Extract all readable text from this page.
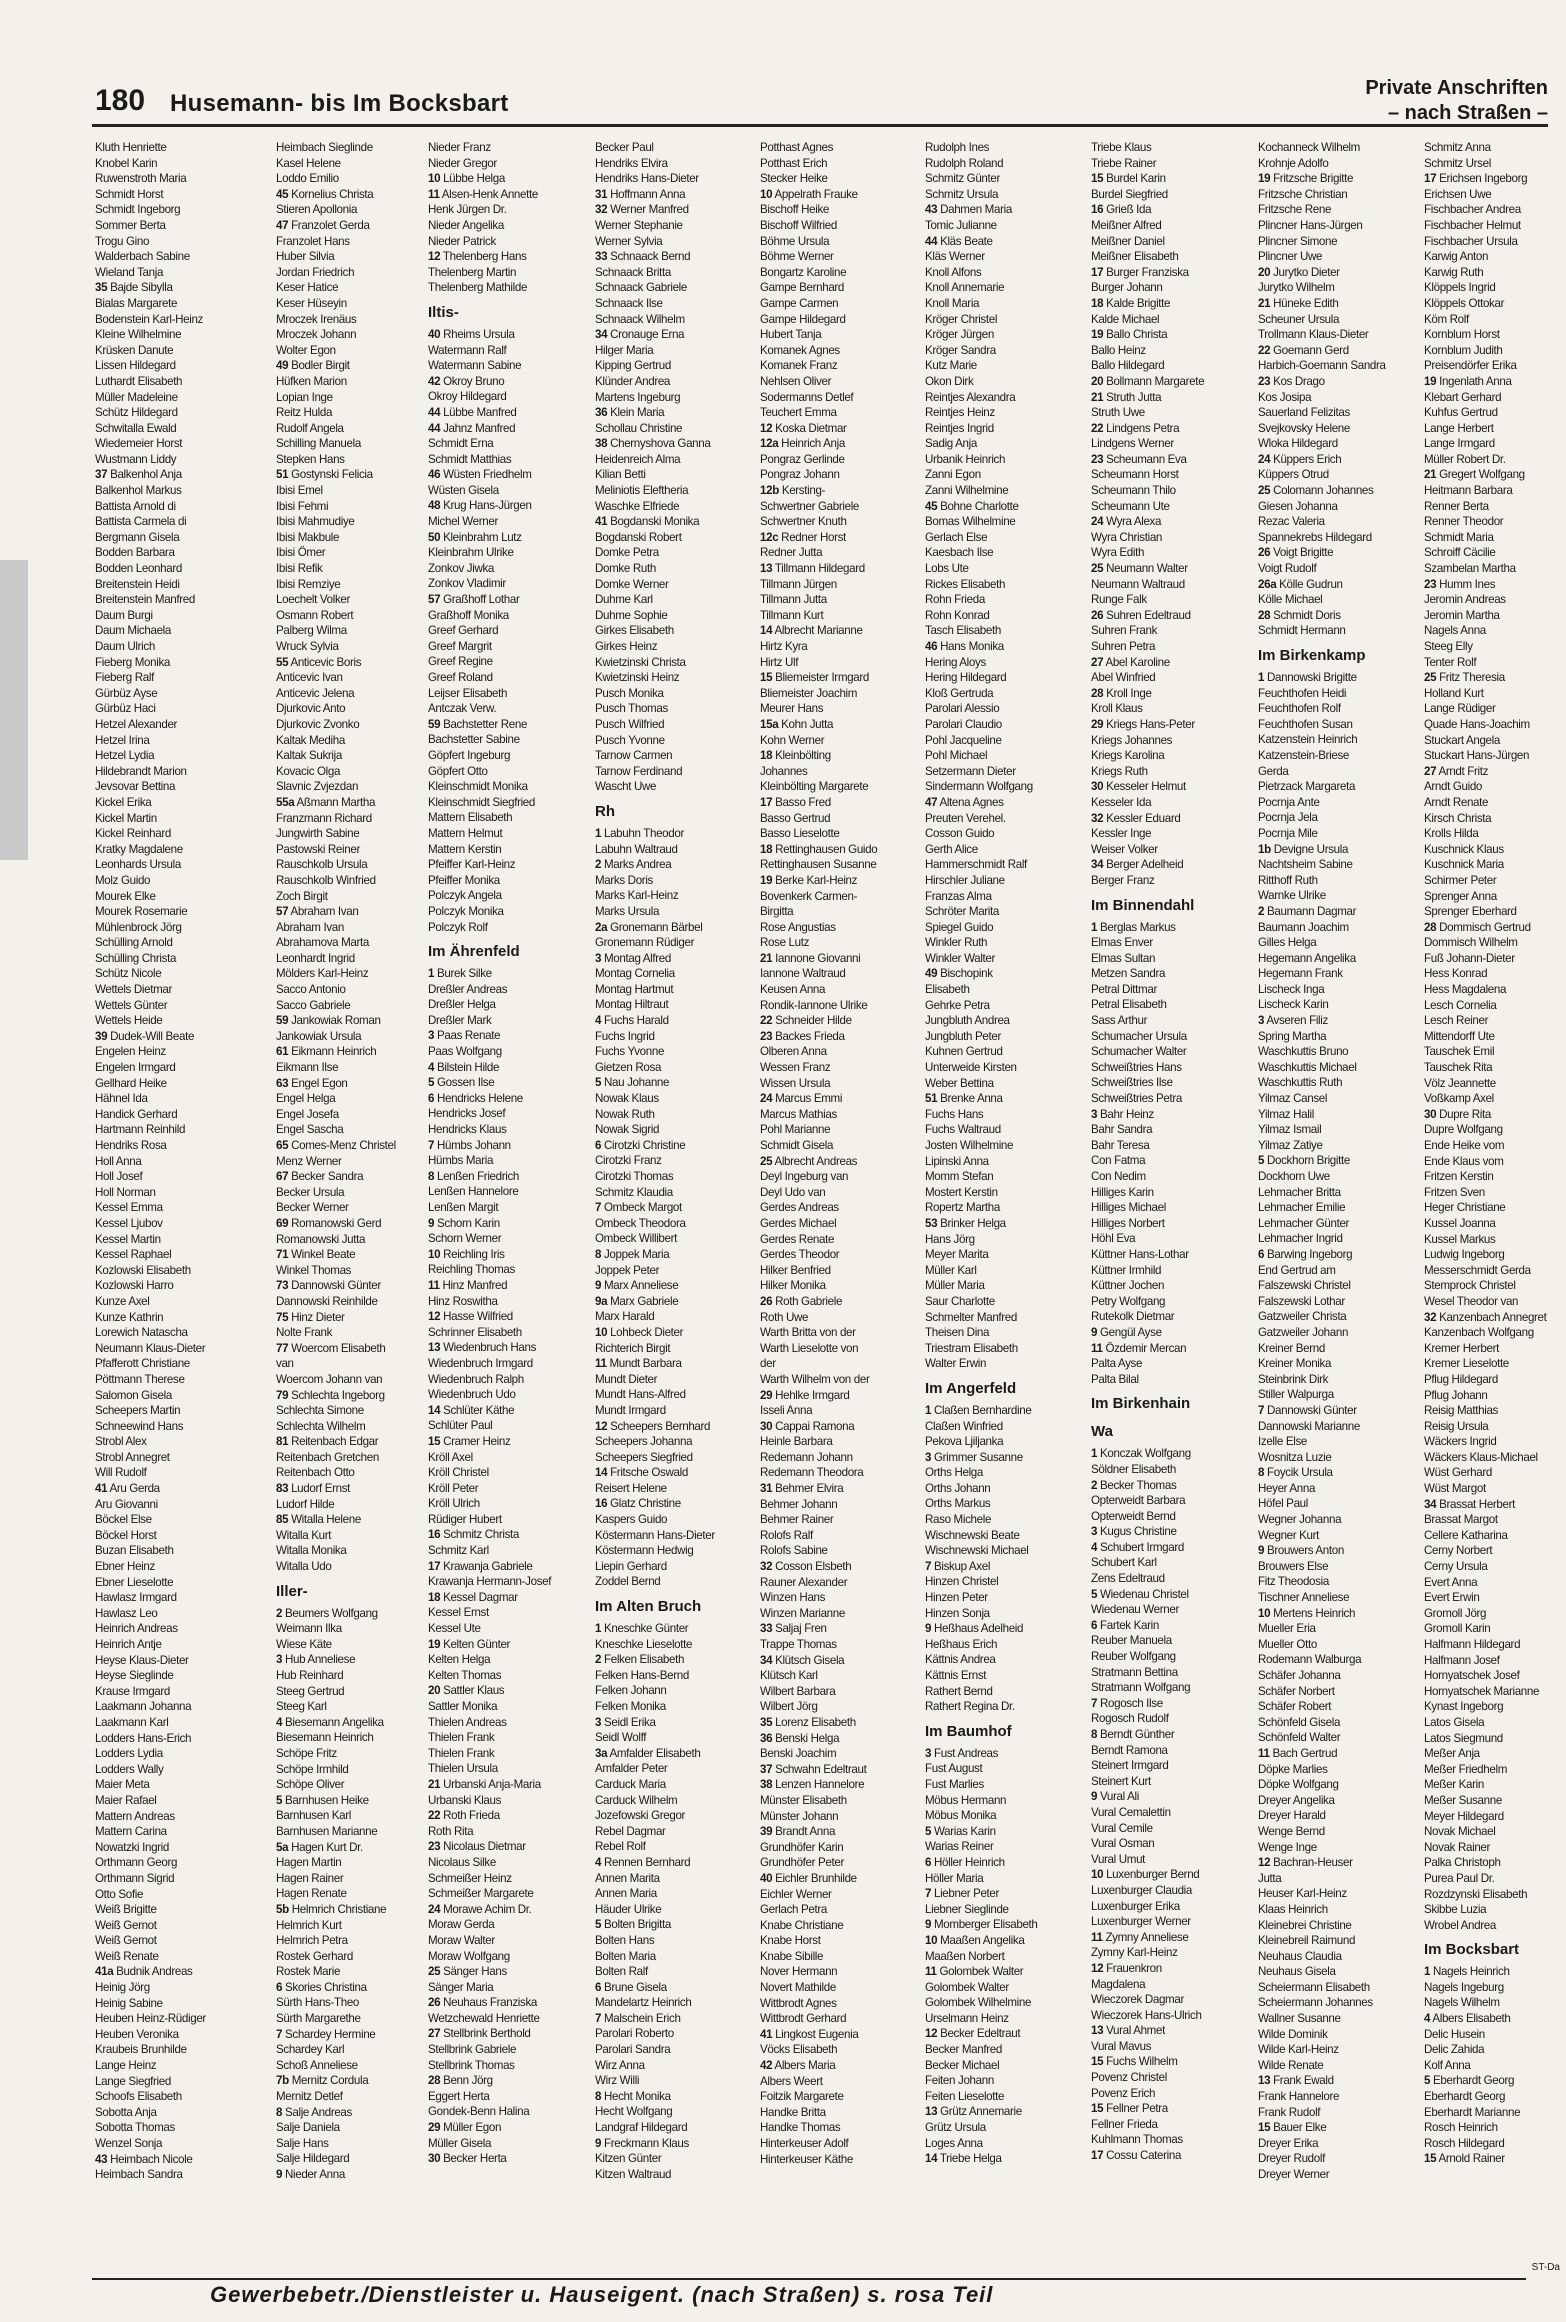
180 Husemann- bis Im Bocksbart
Private Anschriften
– nach Straßen –
Kluth Henriette
Knobel Karin
Ruwenstroth Maria
Schmidt Horst
Schmidt Ingeborg
Sommer Berta
Trogu Gino
Walderbach Sabine
Wieland Tanja
35 Bajde Sibylla
Bialas Margarete
Bodenstein Karl-Heinz
Kleine Wilhelmine
Krüsken Danute
Lissen Hildegard
Luthardt Elisabeth
Müller Madeleine
Schütz Hildegard
Schwitalla Ewald
Wiedemeier Horst
Wustmann Liddy
37 Balkenhol Anja
Balkenhol Markus
Battista Arnold di
Battista Carmela di
Bergmann Gisela
Bodden Barbara
Bodden Leonhard
Breitenstein Heidi
Breitenstein Manfred
Daum Burgi
Daum Michaela
Daum Ulrich
Fieberg Monika
Fieberg Ralf
Gürbüz Ayse
Gürbüz Haci
Hetzel Alexander
Hetzel Irina
Hetzel Lydia
Hildebrandt Marion
Jevsovar Bettina
Kickel Erika
Kickel Martin
Kickel Reinhard
Kratky Magdalene
Leonhards Ursula
Molz Guido
Mourek Elke
Mourek Rosemarie
Mühlenbrock Jörg
Schülling Arnold
Schülling Christa
Schütz Nicole
Wettels Dietmar
Wettels Günter
Wettels Heide
39 Dudek-Will Beate
Engelen Heinz
Engelen Irmgard
Gellhard Heike
Hähnel Ida
Handick Gerhard
Hartmann Reinhild
Hendriks Rosa
Holl Anna
Holl Josef
Holl Norman
Kessel Emma
Kessel Ljubov
Kessel Martin
Kessel Raphael
Kozlowski Elisabeth
Kozlowski Harro
Kunze Axel
Kunze Kathrin
Lorewich Natascha
Neumann Klaus-Dieter
Pfafferott Christiane
Pöttmann Therese
Salomon Gisela
Scheepers Martin
Schneewind Hans
Strobl Alex
Strobl Annegret
Will Rudolf
41 Aru Gerda
Aru Giovanni
Böckel Else
Böckel Horst
Buzan Elisabeth
Ebner Heinz
Ebner Lieselotte
Hawlasz Irmgard
Hawlasz Leo
Heinrich Andreas
Heinrich Antje
Heyse Klaus-Dieter
Heyse Sieglinde
Krause Irmgard
Laakmann Johanna
Laakmann Karl
Lodders Hans-Erich
Lodders Lydia
Lodders Wally
Maier Meta
Maier Rafael
Mattern Andreas
Mattern Carina
Nowatzki Ingrid
Orthmann Georg
Orthmann Sigrid
Otto Sofie
Weiß Brigitte
Weiß Gernot
Weiß Gernot
Weiß Renate
41a Budnik Andreas
Heinig Jörg
Heinig Sabine
Heuben Heinz-Rüdiger
Heuben Veronika
Kraubeis Brunhilde
Lange Heinz
Lange Siegfried
Schoofs Elisabeth
Sobotta Anja
Sobotta Thomas
Wenzel Sonja
43 Heimbach Nicole
Heimbach Sandra
Heimbach Sieglinde
Kasel Helene
Loddo Emilio
45 Kornelius Christa
Stieren Apollonia
47 Franzolet Gerda
Franzolet Hans
Huber Silvia
Jordan Friedrich
Keser Hatice
Keser Hüseyin
Mroczek Irenäus
Mroczek Johann
Wolter Egon
49 Bodler Birgit
Hüfken Marion
Lopian Inge
Reitz Hulda
Rudolf Angela
Schilling Manuela
Stepken Hans
51 Gostynski Felicia
Ibisi Emel
Ibisi Fehmi
Ibisi Mahmudiye
Ibisi Makbule
Ibisi Ömer
Ibisi Refik
Ibisi Remziye
Loechelt Volker
Osmann Robert
Palberg Wilma
Wruck Sylvia
55 Anticevic Boris
Anticevic Ivan
Anticevic Jelena
Djurkovic Anto
Djurkovic Zvonko
Kaltak Mediha
Kaltak Sukrija
Kovacic Olga
Slavnic Zvjezdan
55a Aßmann Martha
Franzmann Richard
Jungwirth Sabine
Pastowski Reiner
Rauschkolb Ursula
Rauschkolb Winfried
Zoch Birgit
57 Abraham Ivan
Abraham Ivan
Abrahamova Marta
Leonhardt Ingrid
Mölders Karl-Heinz
Sacco Antonio
Sacco Gabriele
59 Jankowiak Roman
Jankowiak Ursula
61 Eikmann Heinrich
Eikmann Ilse
63 Engel Egon
Engel Helga
Engel Josefa
Engel Sascha
65 Comes-Menz Christel
Menz Werner
67 Becker Sandra
Becker Ursula
Becker Werner
69 Romanowski Gerd
Romanowski Jutta
71 Winkel Beate
Winkel Thomas
73 Dannowski Günter
Dannowski Reinhilde
75 Hinz Dieter
Nolte Frank
77 Woercom Elisabeth
van
Woercom Johann van
79 Schlechta Ingeborg
Schlechta Simone
Schlechta Wilhelm
81 Reitenbach Edgar
Reitenbach Gretchen
Reitenbach Otto
83 Ludorf Ernst
Ludorf Hilde
85 Witalla Helene
Witalla Kurt
Witalla Monika
Witalla Udo
Iller-
2 Beumers Wolfgang
Weimann Ilka
Wiese Käte
3 Hub Anneliese
Hub Reinhard
Steeg Gertrud
Steeg Karl
4 Biesemann Angelika
Biesemann Heinrich
Schöpe Fritz
Schöpe Irmhild
Schöpe Oliver
5 Barnhusen Heike
Barnhusen Karl
Barnhusen Marianne
5a Hagen Kurt Dr.
Hagen Martin
Hagen Rainer
Hagen Renate
5b Helmrich Christiane
Helmrich Kurt
Helmrich Petra
Rostek Gerhard
Rostek Marie
6 Skories Christina
Sürth Hans-Theo
Sürth Margarethe
7 Schardey Hermine
Schardey Karl
Schoß Anneliese
7b Mernitz Cordula
Mernitz Detlef
8 Salje Andreas
Salje Daniela
Salje Hans
Salje Hildegard
9 Nieder Anna
Nieder Franz
Nieder Gregor
10 Lübbe Helga
11 Alsen-Henk Annette
Henk Jürgen Dr.
Nieder Angelika
Nieder Patrick
12 Thelenberg Hans
Thelenberg Martin
Thelenberg Mathilde
Iltis-
40 Rheims Ursula
Watermann Ralf
Watermann Sabine
42 Okroy Bruno
Okroy Hildegard
44 Lübbe Manfred
44 Jahnz Manfred
Schmidt Erna
Schmidt Matthias
46 Wüsten Friedhelm
Wüsten Gisela
48 Krug Hans-Jürgen
Michel Werner
50 Kleinbrahm Lutz
Kleinbrahm Ulrike
Zonkov Jiwka
Zonkov Vladimir
57 Graßhoff Lothar
Graßhoff Monika
Greef Gerhard
Greef Margrit
Greef Regine
Greef Roland
Leijser Elisabeth
Antczak Verw.
59 Bachstetter Rene
Bachstetter Sabine
Göpfert Ingeburg
Göpfert Otto
Kleinschmidt Monika
Kleinschmidt Siegfried
Mattern Elisabeth
Mattern Helmut
Mattern Kerstin
Pfeiffer Karl-Heinz
Pfeiffer Monika
Polczyk Angela
Polczyk Monika
Polczyk Rolf
Im Ährenfeld
1 Burek Silke
Dreßler Andreas
Dreßler Helga
Dreßler Mark
3 Paas Renate
Paas Wolfgang
4 Bilstein Hilde
5 Gossen Ilse
6 Hendricks Helene
Hendricks Josef
Hendricks Klaus
7 Hümbs Johann
Hümbs Maria
8 Lenßen Friedrich
Lenßen Hannelore
Lenßen Margit
9 Schorn Karin
Schorn Werner
10 Reichling Iris
Reichling Thomas
11 Hinz Manfred
Hinz Roswitha
12 Hasse Wilfried
Schrinner Elisabeth
13 Wiedenbruch Hans
Wiedenbruch Irmgard
Wiedenbruch Ralph
Wiedenbruch Udo
14 Schlüter Käthe
Schlüter Paul
15 Cramer Heinz
Kröll Axel
Kröll Christel
Kröll Peter
Kröll Ulrich
Rüdiger Hubert
16 Schmitz Christa
Schmitz Karl
17 Krawanja Gabriele
Krawanja Hermann-Josef
18 Kessel Dagmar
Kessel Ernst
Kessel Ute
19 Kelten Günter
Kelten Helga
Kelten Thomas
20 Sattler Klaus
Sattler Monika
Thielen Andreas
Thielen Frank
Thielen Frank
Thielen Ursula
21 Urbanski Anja-Maria
Urbanski Klaus
22 Roth Frieda
Roth Rita
23 Nicolaus Dietmar
Nicolaus Silke
Schmeißer Heinz
Schmeißer Margarete
24 Morawe Achim Dr.
Moraw Gerda
Moraw Walter
Moraw Wolfgang
25 Sänger Hans
Sänger Maria
26 Neuhaus Franziska
Wetzchewald Henriette
27 Stellbrink Berthold
Stellbrink Gabriele
Stellbrink Thomas
28 Benn Jörg
Eggert Herta
Gondek-Benn Halina
29 Müller Egon
Müller Gisela
30 Becker Herta
Becker Paul
Hendriks Elvira
Hendriks Hans-Dieter
31 Hoffmann Anna
32 Werner Manfred
Werner Stephanie
Werner Sylvia
33 Schnaack Bernd
Schnaack Britta
Schnaack Gabriele
Schnaack Ilse
Schnaack Wilhelm
34 Cronauge Erna
Hilger Maria
Kipping Gertrud
Klünder Andrea
Martens Ingeburg
36 Klein Maria
Schollau Christine
38 Chernyshova Ganna
Heidenreich Alma
Kilian Betti
Meliniotis Eleftheria
Waschke Elfriede
41 Bogdanski Monika
Bogdanski Robert
Domke Petra
Domke Ruth
Domke Werner
Duhme Karl
Duhme Sophie
Girkes Elisabeth
Girkes Heinz
Kwietzinski Christa
Kwietzinski Heinz
Pusch Monika
Pusch Thomas
Pusch Wilfried
Pusch Yvonne
Tarnow Carmen
Tarnow Ferdinand
Wascht Uwe
Rh
1 Labuhn Theodor
Labuhn Waltraud
2 Marks Andrea
Marks Doris
Marks Karl-Heinz
Marks Ursula
2a Gronemann Bärbel
Gronemann Rüdiger
3 Montag Alfred
Montag Cornelia
Montag Hartmut
Montag Hiltraut
4 Fuchs Harald
Fuchs Ingrid
Fuchs Yvonne
Gietzen Rosa
5 Nau Johanne
Nowak Klaus
Nowak Ruth
Nowak Sigrid
6 Cirotzki Christine
Cirotzki Franz
Cirotzki Thomas
Schmitz Klaudia
7 Ombeck Margot
Ombeck Theodora
Ombeck Willibert
8 Joppek Maria
Joppek Peter
9 Marx Anneliese
9a Marx Gabriele
Marx Harald
10 Lohbeck Dieter
Richterich Birgit
11 Mundt Barbara
Mundt Dieter
Mundt Hans-Alfred
Mundt Irmgard
12 Scheepers Bernhard
Scheepers Johanna
Scheepers Siegfried
14 Fritsche Oswald
Reisert Helene
16 Glatz Christine
Kaspers Guido
Köstermann Hans-Dieter
Köstermann Hedwig
Liepin Gerhard
Zoddel Bernd
Im Alten Bruch
1 Kneschke Günter
Kneschke Lieselotte
2 Felken Elisabeth
Felken Hans-Bernd
Felken Johann
Felken Monika
3 Seidl Erika
Seidl Wolff
3a Amfalder Elisabeth
Amfalder Peter
Carduck Maria
Carduck Wilhelm
Jozefowski Gregor
Rebel Dagmar
Rebel Rolf
4 Rennen Bernhard
Annen Marita
Annen Maria
Häuder Ulrike
5 Bolten Brigitta
Bolten Hans
Bolten Maria
Bolten Ralf
6 Brune Gisela
Mandelartz Heinrich
7 Malschein Erich
Parolari Roberto
Parolari Sandra
Wirz Anna
Wirz Willi
8 Hecht Monika
Hecht Wolfgang
Landgraf Hildegard
9 Freckmann Klaus
Kitzen Günter
Kitzen Waltraud
Potthast Agnes
Potthast Erich
Stecker Heike
10 Appelrath Frauke
Bischoff Heike
Bischoff Wilfried
Böhme Ursula
Böhme Werner
Bongartz Karoline
Gampe Bernhard
Gampe Carmen
Gampe Hildegard
Hubert Tanja
Komanek Agnes
Komanek Franz
Nehlsen Oliver
Sodermanns Detlef
Teuchert Emma
12 Koska Dietmar
12a Heinrich Anja
Pongraz Gerlinde
Pongraz Johann
12b Kersting-
Schwertner Gabriele
Schwertner Knuth
12c Redner Horst
Redner Jutta
13 Tillmann Hildegard
Tillmann Jürgen
Tillmann Jutta
Tillmann Kurt
14 Albrecht Marianne
Hirtz Kyra
Hirtz Ulf
15 Bliemeister Irmgard
Bliemeister Joachim
Meurer Hans
15a Kohn Jutta
Kohn Werner
18 Kleinbölting
Johannes
Kleinbölting Margarete
17 Basso Fred
Basso Gertrud
Basso Lieselotte
18 Rettinghausen Guido
Rettinghausen Susanne
19 Berke Karl-Heinz
Bovenkerk Carmen-
Birgitta
Rose Angustias
Rose Lutz
21 Iannone Giovanni
Iannone Waltraud
Keusen Anna
Rondik-Iannone Ulrike
22 Schneider Hilde
23 Backes Frieda
Olberen Anna
Wessen Franz
Wissen Ursula
24 Marcus Emmi
Marcus Mathias
Pohl Marianne
Schmidt Gisela
25 Albrecht Andreas
Deyl Ingeburg van
Deyl Udo van
Gerdes Andreas
Gerdes Michael
Gerdes Renate
Gerdes Theodor
Hilker Benfried
Hilker Monika
26 Roth Gabriele
Roth Uwe
Warth Britta von der
Warth Lieselotte von
der
Warth Wilhelm von der
29 Hehlke Irmgard
Isseli Anna
30 Cappai Ramona
Heinle Barbara
Redemann Johann
Redemann Theodora
31 Behmer Elvira
Behmer Johann
Behmer Rainer
Rolofs Ralf
Rolofs Sabine
32 Cosson Elsbeth
Rauner Alexander
Winzen Hans
Winzen Marianne
33 Saljaj Fren
Trappe Thomas
34 Klütsch Gisela
Klütsch Karl
Wilbert Barbara
Wilbert Jörg
35 Lorenz Elisabeth
36 Benski Helga
Benski Joachim
37 Schwahn Edeltraut
38 Lenzen Hannelore
Münster Elisabeth
Münster Johann
39 Brandt Anna
Grundhöfer Karin
Grundhöfer Peter
40 Eichler Brunhilde
Eichler Werner
Gerlach Petra
Knabe Christiane
Knabe Horst
Knabe Sibille
Nover Hermann
Novert Mathilde
Wittbrodt Agnes
Wittbrodt Gerhard
41 Lingkost Eugenia
Vöcks Elisabeth
42 Albers Maria
Albers Weert
Foitzik Margarete
Handke Britta
Handke Thomas
Hinterkeuser Adolf
Hinterkeuser Käthe
Rudolph Ines
Rudolph Roland
Schmitz Günter
Schmitz Ursula
43 Dahmen Maria
Tomic Julianne
44 Kläs Beate
Kläs Werner
Knoll Alfons
Knoll Annemarie
Knoll Maria
Kröger Christel
Kröger Jürgen
Kröger Sandra
Kutz Marie
Okon Dirk
Reintjes Alexandra
Reintjes Heinz
Reintjes Ingrid
Sadig Anja
Urbanik Heinrich
Zanni Egon
Zanni Wilhelmine
45 Bohne Charlotte
Bomas Wilhelmine
Gerlach Else
Kaesbach Ilse
Lobs Ute
Rickes Elisabeth
Rohn Frieda
Rohn Konrad
Tasch Elisabeth
46 Hans Monika
Hering Aloys
Hering Hildegard
Kloß Gertruda
Parolari Alessio
Parolari Claudio
Pohl Jacqueline
Pohl Michael
Setzermann Dieter
Sindermann Wolfgang
47 Altena Agnes
Preuten Verehel.
Cosson Guido
Gerth Alice
Hammerschmidt Ralf
Hirschler Juliane
Franzas Alma
Schröter Marita
Spiegel Guido
Winkler Ruth
Winkler Walter
49 Bischopink
Elisabeth
Gehrke Petra
Jungbluth Andrea
Jungbluth Peter
Kuhnen Gertrud
Unterweide Kirsten
Weber Bettina
51 Brenke Anna
Fuchs Hans
Fuchs Waltraud
Josten Wilhelmine
Lipinski Anna
Momm Stefan
Mostert Kerstin
Ropertz Martha
53 Brinker Helga
Hans Jörg
Meyer Marita
Müller Karl
Müller Maria
Saur Charlotte
Schmelter Manfred
Theisen Dina
Triestram Elisabeth
Walter Erwin
Im Angerfeld
1 Claßen Bernhardine
Claßen Winfried
Pekova Ljiljanka
3 Grimmer Susanne
Orths Helga
Orths Johann
Orths Markus
Raso Michele
Wischnewski Beate
Wischnewski Michael
7 Biskup Axel
Hinzen Christel
Hinzen Peter
Hinzen Sonja
9 Heßhaus Adelheid
Heßhaus Erich
Kättnis Andrea
Kättnis Ernst
Rathert Bernd
Rathert Regina Dr.
Im Baumhof
3 Fust Andreas
Fust August
Fust Marlies
Möbus Hermann
Möbus Monika
5 Warias Karin
Warias Reiner
6 Höller Heinrich
Höller Maria
7 Liebner Peter
Liebner Sieglinde
9 Momberger Elisabeth
10 Maaßen Angelika
Maaßen Norbert
11 Golombek Walter
Golombek Walter
Golombek Wilhelmine
Urselmann Heinz
12 Becker Edeltraut
Becker Manfred
Becker Michael
Feiten Johann
Feiten Lieselotte
13 Grütz Annemarie
Grütz Ursula
Loges Anna
14 Triebe Helga
Triebe Klaus
Triebe Rainer
15 Burdel Karin
Burdel Siegfried
16 Grieß Ida
Meißner Alfred
Meißner Daniel
Meißner Elisabeth
17 Burger Franziska
Burger Johann
18 Kalde Brigitte
Kalde Michael
19 Ballo Christa
Ballo Heinz
Ballo Hildegard
20 Bollmann Margarete
21 Struth Jutta
Struth Uwe
22 Lindgens Petra
Lindgens Werner
23 Scheumann Eva
Scheumann Horst
Scheumann Thilo
Scheumann Ute
24 Wyra Alexa
Wyra Christian
Wyra Edith
25 Neumann Walter
Neumann Waltraud
Runge Falk
26 Suhren Edeltraud
Suhren Frank
Suhren Petra
27 Abel Karoline
Abel Winfried
28 Kroll Inge
Kroll Klaus
29 Kriegs Hans-Peter
Kriegs Johannes
Kriegs Karolina
Kriegs Ruth
30 Kesseler Helmut
Kesseler Ida
32 Kessler Eduard
Kessler Inge
Weiser Volker
34 Berger Adelheid
Berger Franz
Im Binnendahl
1 Berglas Markus
Elmas Enver
Elmas Sultan
Metzen Sandra
Petral Dittmar
Petral Elisabeth
Sass Arthur
Schumacher Ursula
Schumacher Walter
Schweißtries Hans
Schweißtries Ilse
Schweißtries Petra
3 Bahr Heinz
Bahr Sandra
Bahr Teresa
Con Fatma
Con Nedim
Hilliges Karin
Hilliges Michael
Hilliges Norbert
Höhl Eva
Küttner Hans-Lothar
Küttner Irmhild
Küttner Jochen
Petry Wolfgang
Rutekolk Dietmar
9 Gengül Ayse
11 Özdemir Mercan
Palta Ayse
Palta Bilal
Im Birkenhain
Wa
1 Konczak Wolfgang
Söldner Elisabeth
2 Becker Thomas
Opterweidt Barbara
Opterweidt Bernd
3 Kugus Christine
4 Schubert Irmgard
Schubert Karl
Zens Edeltraud
5 Wiedenau Christel
Wiedenau Werner
6 Fartek Karin
Reuber Manuela
Reuber Wolfgang
Stratmann Bettina
Stratmann Wolfgang
7 Rogosch Ilse
Rogosch Rudolf
8 Berndt Günther
Berndt Ramona
Steinert Irmgard
Steinert Kurt
9 Vural Ali
Vural Cemalettin
Vural Cemile
Vural Osman
Vural Umut
10 Luxenburger Bernd
Luxenburger Claudia
Luxenburger Erika
Luxenburger Werner
11 Zymny Anneliese
Zymny Karl-Heinz
12 Frauenkron
Magdalena
Wieczorek Dagmar
Wieczorek Hans-Ulrich
13 Vural Ahmet
Vural Mavus
15 Fuchs Wilhelm
Povenz Christel
Povenz Erich
15 Fellner Petra
Fellner Frieda
Kuhlmann Thomas
17 Cossu Caterina
Kochanneck Wilhelm
Krohnje Adolfo
19 Fritzsche Brigitte
Fritzsche Christian
Fritzsche Rene
Plincner Hans-Jürgen
Plincner Simone
Plincner Uwe
20 Jurytko Dieter
Jurytko Wilhelm
21 Hüneke Edith
Scheuner Ursula
Trollmann Klaus-Dieter
22 Goemann Gerd
Harbich-Goemann Sandra
23 Kos Drago
Kos Josipa
Sauerland Felizitas
Svejkovsky Helene
Wloka Hildegard
24 Küppers Erich
Küppers Otrud
25 Colomann Johannes
Giesen Johanna
Rezac Valeria
Spannekrebs Hildegard
26 Voigt Brigitte
Voigt Rudolf
26a Kölle Gudrun
Kölle Michael
28 Schmidt Doris
Schmidt Hermann
Im Birkenkamp
1 Dannowski Brigitte
Feuchthofen Heidi
Feuchthofen Rolf
Feuchthofen Susan
Katzenstein Heinrich
Katzenstein-Briese
Gerda
Pietrzack Margareta
Pocrnja Ante
Pocrnja Jela
Pocrnja Mile
1b Devigne Ursula
Nachtsheim Sabine
Ritthoff Ruth
Warnke Ulrike
2 Baumann Dagmar
Baumann Joachim
Gilles Helga
Hegemann Angelika
Hegemann Frank
Lischeck Inga
Lischeck Karin
3 Avseren Filiz
Spring Martha
Waschkuttis Bruno
Waschkuttis Michael
Waschkuttis Ruth
Yilmaz Cansel
Yilmaz Halil
Yilmaz Ismail
Yilmaz Zatiye
5 Dockhorn Brigitte
Dockhorn Uwe
Lehmacher Britta
Lehmacher Emilie
Lehmacher Günter
Lehmacher Ingrid
6 Barwing Ingeborg
End Gertrud am
Falszewski Christel
Falszewski Lothar
Gatzweiler Christa
Gatzweiler Johann
Kreiner Bernd
Kreiner Monika
Steinbrink Dirk
Stiller Walpurga
7 Dannowski Günter
Dannowski Marianne
Izelle Else
Wosnitza Luzie
8 Foycik Ursula
Heyer Anna
Höfel Paul
Wegner Johanna
Wegner Kurt
9 Brouwers Anton
Brouwers Else
Fitz Theodosia
Tischner Anneliese
10 Mertens Heinrich
Mueller Eria
Mueller Otto
Rodemann Walburga
Schäfer Johanna
Schäfer Norbert
Schäfer Robert
Schönfeld Gisela
Schönfeld Walter
11 Bach Gertrud
Döpke Marlies
Döpke Wolfgang
Dreyer Angelika
Dreyer Harald
Wenge Bernd
Wenge Inge
12 Bachran-Heuser
Jutta
Heuser Karl-Heinz
Klaas Heinrich
Kleinebrei Christine
Kleinebreil Raimund
Neuhaus Claudia
Neuhaus Gisela
Scheiermann Elisabeth
Scheiermann Johannes
Wallner Susanne
Wilde Dominik
Wilde Karl-Heinz
Wilde Renate
13 Frank Ewald
Frank Hannelore
Frank Rudolf
15 Bauer Elke
Dreyer Erika
Dreyer Rudolf
Dreyer Werner
Schmitz Anna
Schmitz Ursel
17 Erichsen Ingeborg
Erichsen Uwe
Fischbacher Andrea
Fischbacher Helmut
Fischbacher Ursula
Karwig Anton
Karwig Ruth
Klöppels Ingrid
Klöppels Ottokar
Köm Rolf
Kornblum Horst
Kornblum Judith
Preisendörfer Erika
19 Ingenlath Anna
Klebart Gerhard
Kuhfus Gertrud
Lange Herbert
Lange Irmgard
Müller Robert Dr.
21 Gregert Wolfgang
Heitmann Barbara
Renner Berta
Renner Theodor
Schmidt Maria
Schroiff Cäcilie
Szambelan Martha
23 Humm Ines
Jeromin Andreas
Jeromin Martha
Nagels Anna
Steeg Elly
Tenter Rolf
25 Fritz Theresia
Holland Kurt
Lange Rüdiger
Quade Hans-Joachim
Stuckart Angela
Stuckart Hans-Jürgen
27 Arndt Fritz
Arndt Guido
Arndt Renate
Kirsch Christa
Krolls Hilda
Kuschnick Klaus
Kuschnick Maria
Schirmer Peter
Sprenger Anna
Sprenger Eberhard
28 Dommisch Gertrud
Dommisch Wilhelm
Fuß Johann-Dieter
Hess Konrad
Hess Magdalena
Lesch Cornelia
Lesch Reiner
Mittendorff Ute
Tauschek Emil
Tauschek Rita
Völz Jeannette
Voßkamp Axel
30 Dupre Rita
Dupre Wolfgang
Ende Heike vom
Ende Klaus vom
Fritzen Kerstin
Fritzen Sven
Heger Christiane
Kussel Joanna
Kussel Markus
Ludwig Ingeborg
Messerschmidt Gerda
Stemprock Christel
Wesel Theodor van
32 Kanzenbach Annegret
Kanzenbach Wolfgang
Kremer Herbert
Kremer Lieselotte
Pflug Hildegard
Pflug Johann
Reisig Matthias
Reisig Ursula
Wäckers Ingrid
Wäckers Klaus-Michael
Wüst Gerhard
Wüst Margot
34 Brassat Herbert
Brassat Margot
Cellere Katharina
Cerny Norbert
Cerny Ursula
Evert Anna
Evert Erwin
Gromoll Jörg
Gromoll Karin
Halfmann Hildegard
Halfmann Josef
Hornyatschek Josef
Hornyatschek Marianne
Kynast Ingeborg
Latos Gisela
Latos Siegmund
Meßer Anja
Meßer Friedhelm
Meßer Karin
Meßer Susanne
Meyer Hildegard
Novak Michael
Novak Rainer
Palka Christoph
Purea Paul Dr.
Rozdzynski Elisabeth
Skibbe Luzia
Wrobel Andrea
Im Bocksbart
1 Nagels Heinrich
Nagels Ingeburg
Nagels Wilhelm
4 Albers Elisabeth
Delic Husein
Delic Zahida
Kolf Anna
5 Eberhardt Georg
Eberhardt Georg
Eberhardt Marianne
Rosch Heinrich
Rosch Hildegard
15 Arnold Rainer
Gewerbebetr./Dienstleister u. Hauseigent. (nach Straßen) s. rosa Teil
ST-Da
